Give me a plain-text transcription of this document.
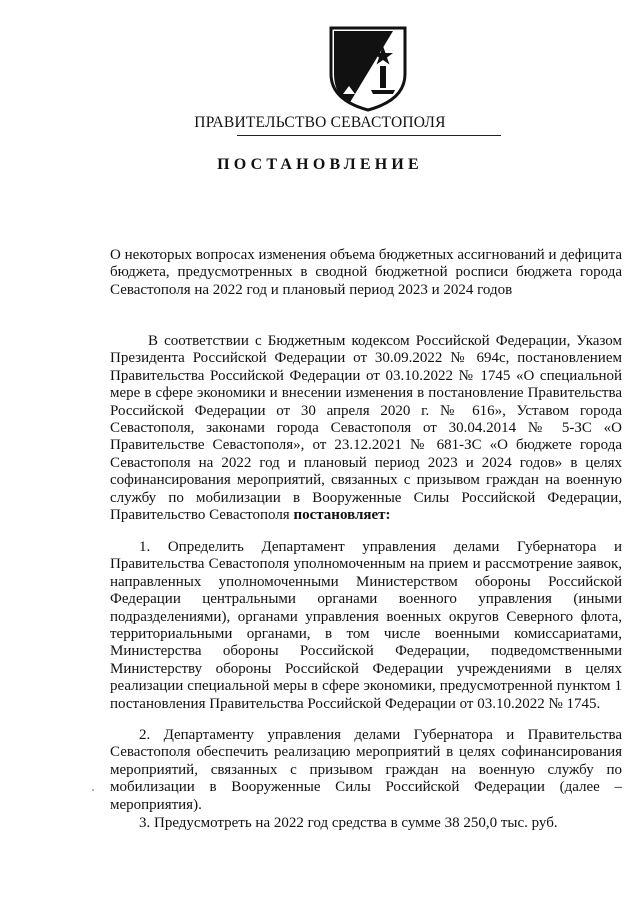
ПРАВИТЕЛЬСТВО СЕВАСТОПОЛЯ
ПОСТАНОВЛЕНИЕ

О некоторых вопросах изменения объема бюджетных ассигнований и дефицита бюджета, предусмотренных в сводной бюджетной росписи бюджета города Севастополя на 2022 год и плановый период 2023 и 2024 годов

В соответствии с Бюджетным кодексом Российской Федерации, Указом Президента Российской Федерации от 30.09.2022 № 694с, постановлением Правительства Российской Федерации от 03.10.2022 № 1745 «О специальной мере в сфере экономики и внесении изменения в постановление Правительства Российской Федерации от 30 апреля 2020 г. № 616», Уставом города Севастополя, законами города Севастополя от 30.04.2014 № 5-ЗС «О Правительстве Севастополя», от 23.12.2021 № 681-ЗС «О бюджете города Севастополя на 2022 год и плановый период 2023 и 2024 годов» в целях софинансирования мероприятий, связанных с призывом граждан на военную службу по мобилизации в Вооруженные Силы Российской Федерации, Правительство Севастополя постановляет:

1. Определить Департамент управления делами Губернатора и Правительства Севастополя уполномоченным на прием и рассмотрение заявок, направленных уполномоченными Министерством обороны Российской Федерации центральными органами военного управления (иными подразделениями), органами управления военных округов Северного флота, территориальными органами, в том числе военными комиссариатами, Министерства обороны Российской Федерации, подведомственными Министерству обороны Российской Федерации учреждениями в целях реализации специальной меры в сфере экономики, предусмотренной пунктом 1 постановления Правительства Российской Федерации от 03.10.2022 № 1745.

2. Департаменту управления делами Губернатора и Правительства Севастополя обеспечить реализацию мероприятий в целях софинансирования мероприятий, связанных с призывом граждан на военную службу по мобилизации в Вооруженные Силы Российской Федерации (далее – мероприятия).

3. Предусмотреть на 2022 год средства в сумме 38 250,0 тыс. руб.
